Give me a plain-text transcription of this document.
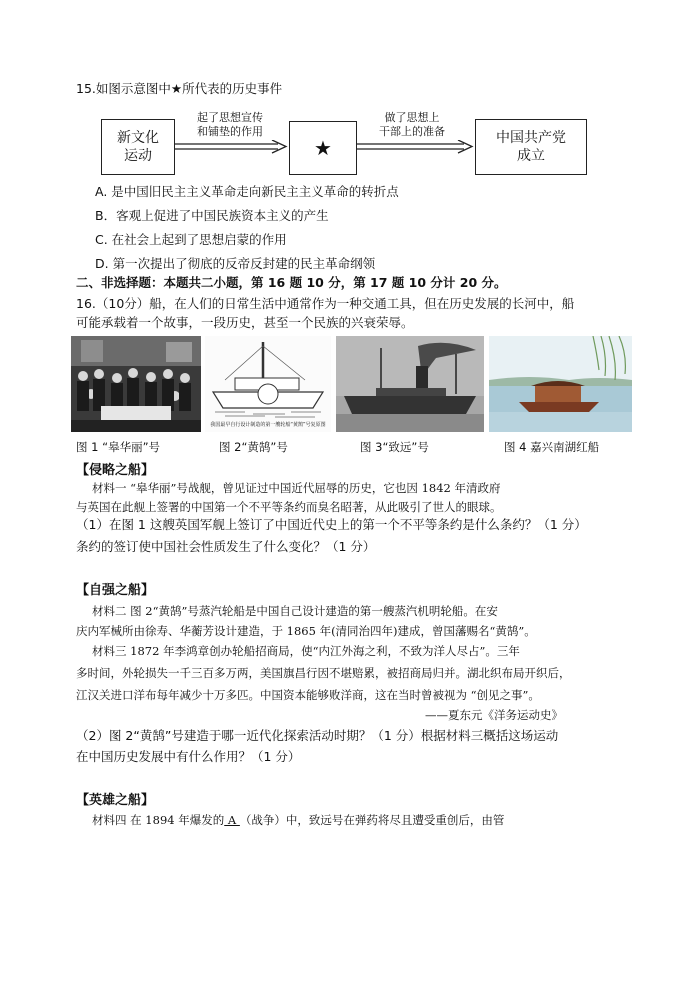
15.如图示意图中★所代表的历史事件
新文化
运动
起了思想宣传
和铺垫的作用
★
做了思想上
干部上的准备	中国共产党
成立
A. 是中国旧民主主义革命走向新民主主义革命的转折点
B．客观上促进了中国民族资本主义的产生
C. 在社会上起到了思想启蒙的作用
D. 第一次提出了彻底的反帝反封建的民主革命纲领
二、非选择题：本题共二小题，第 16 题 10 分，第 17 题 10 分计 20 分。
16.（10分）船，在人们的日常生活中通常作为一种交通工具，但在历史发展的长河中，船
可能承载着一个故事，一段历史，甚至一个民族的兴衰荣辱。
我国最早自行设计制造的第一艘轮船“黄鹄”号复原图
图 1 “皋华丽”号	图 2“黄鹄”号	图 3“致远”号	图 4 嘉兴南湖红船
【侵略之船】
材料一 “皋华丽”号战舰，曾见证过中国近代屈辱的历史，它也因 1842 年清政府
与英国在此舰上签署的中国第一个不平等条约而臭名昭著，从此吸引了世人的眼球。
（1）在图 1 这艘英国军舰上签订了中国近代史上的第一个不平等条约是什么条约？（1 分）
条约的签订使中国社会性质发生了什么变化？（1 分）
【自强之船】
材料二 图 2“黄鹄”号蒸汽轮船是中国自己设计建造的第一艘蒸汽机明轮船。在安
庆内军械所由徐寿、华蘅芳设计建造，于 1865 年(清同治四年)建成，曾国藩赐名“黄鹄”。
材料三 1872 年李鸿章创办轮船招商局，使“内江外海之利，不致为洋人尽占”。三年
多时间，外轮损失一千三百多万两，美国旗昌行因不堪赔累，被招商局归并。湖北织布局开织后，
江汉关进口洋布每年减少十万多匹。中国资本能够败洋商，这在当时曾被视为 “创见之事”。
——夏东元《洋务运动史》
（2）图 2“黄鹄”号建造于哪一近代化探索活动时期？（1 分）根据材料三概括这场运动
在中国历史发展中有什么作用？（1 分）
【英雄之船】
材料四 在 1894 年爆发的 A （战争）中，致远号在弹药将尽且遭受重创后，由管
